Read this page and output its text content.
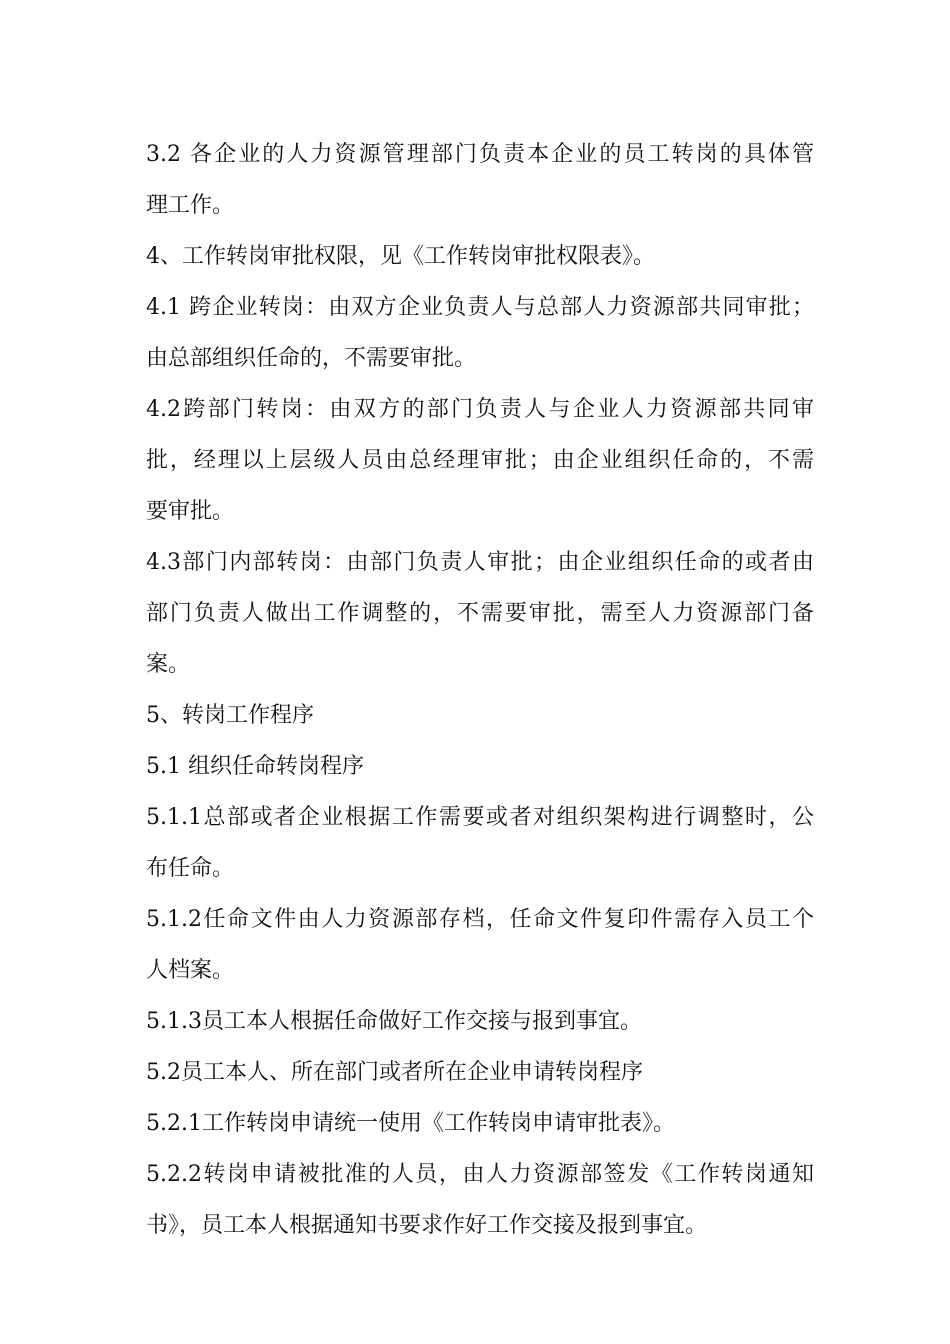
3.2 各企业的人力资源管理部门负责本企业的员工转岗的具体管
理工作。
4、工作转岗审批权限，见《工作转岗审批权限表》。
4.1 跨企业转岗：由双方企业负责人与总部人力资源部共同审批；
由总部组织任命的，不需要审批。
4.2跨部门转岗：由双方的部门负责人与企业人力资源部共同审
批，经理以上层级人员由总经理审批；由企业组织任命的，不需
要审批。
4.3部门内部转岗：由部门负责人审批；由企业组织任命的或者由
部门负责人做出工作调整的，不需要审批，需至人力资源部门备
案。
5、转岗工作程序
5.1 组织任命转岗程序
5.1.1总部或者企业根据工作需要或者对组织架构进行调整时，公
布任命。
5.1.2任命文件由人力资源部存档，任命文件复印件需存入员工个
人档案。
5.1.3员工本人根据任命做好工作交接与报到事宜。
5.2员工本人、所在部门或者所在企业申请转岗程序
5.2.1工作转岗申请统一使用《工作转岗申请审批表》。
5.2.2转岗申请被批准的人员，由人力资源部签发《工作转岗通知
书》，员工本人根据通知书要求作好工作交接及报到事宜。
